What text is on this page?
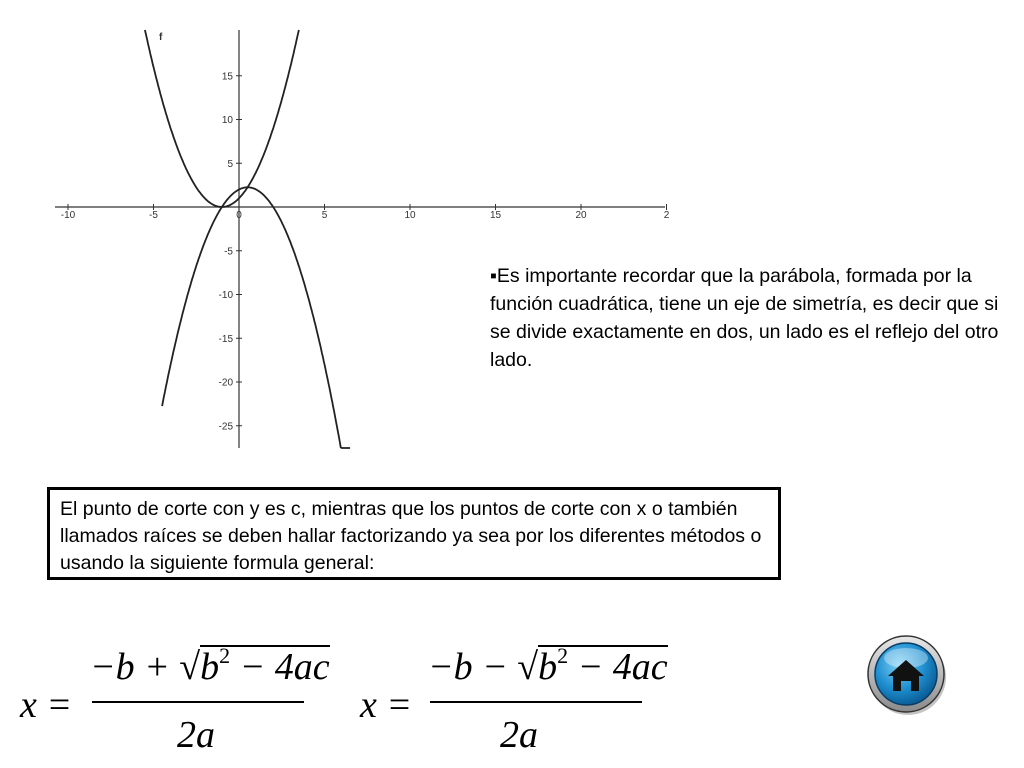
-10	-5	0	5	10	15	20	2
15
10
5
-5
-10
-15
-20
-25
f
▪Es importante recordar que la parábola, formada por la función cuadrática, tiene un eje de simetría, es decir que si se divide exactamente en dos, un lado es el reflejo del otro lado.
El punto de corte con y es c, mientras que los puntos de corte con x o también llamados raíces se deben hallar factorizando ya sea por los diferentes métodos o usando la siguiente formula general:
x =
$-b + √b^2 - 4ac$
2a
x =
$-b - √b^2 - 4ac$
2a
